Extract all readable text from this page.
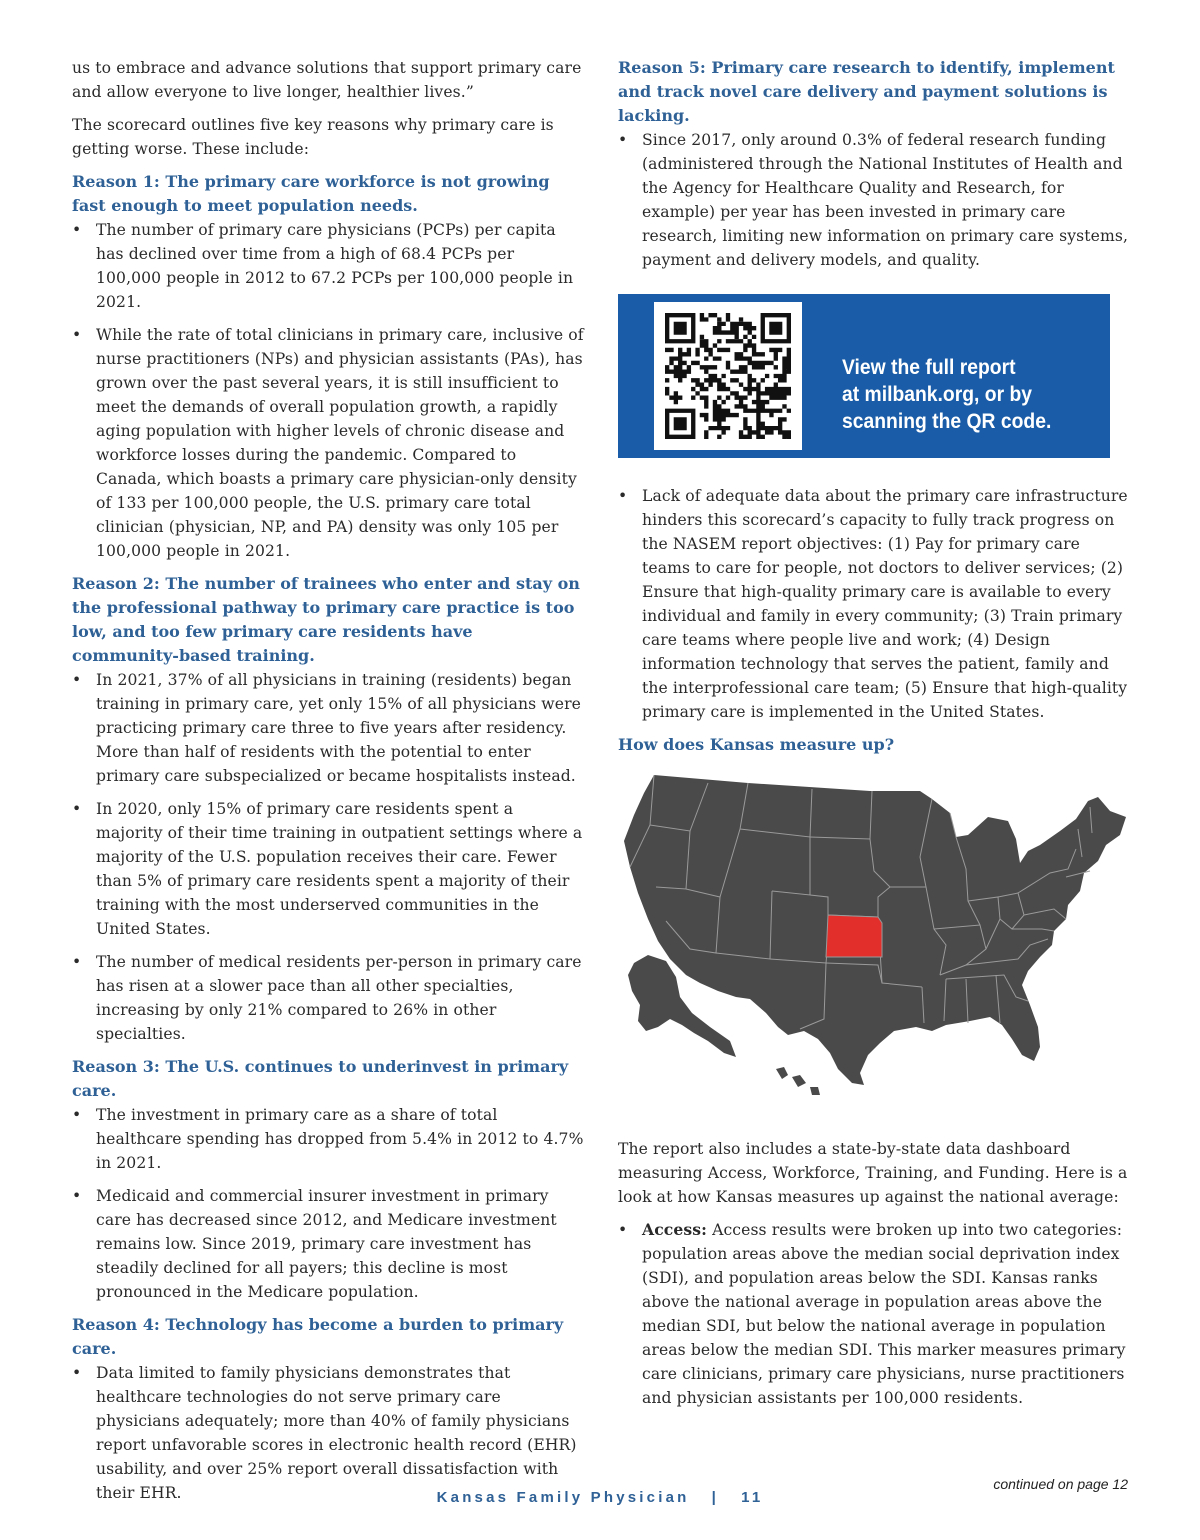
us to embrace and advance solutions that support primary care and allow everyone to live longer, healthier lives.”

The scorecard outlines five key reasons why primary care is getting worse. These include:

Reason 1: The primary care workforce is not growing fast enough to meet population needs.
• The number of primary care physicians (PCPs) per capita has declined over time from a high of 68.4 PCPs per 100,000 people in 2012 to 67.2 PCPs per 100,000 people in 2021.
• While the rate of total clinicians in primary care, inclusive of nurse practitioners (NPs) and physician assistants (PAs), has grown over the past several years, it is still insufficient to meet the demands of overall population growth, a rapidly aging population with higher levels of chronic disease and workforce losses during the pandemic. Compared to Canada, which boasts a primary care physician-only density of 133 per 100,000 people, the U.S. primary care total clinician (physician, NP, and PA) density was only 105 per 100,000 people in 2021.
Reason 2: The number of trainees who enter and stay on the professional pathway to primary care practice is too low, and too few primary care residents have community-based training.
• In 2021, 37% of all physicians in training (residents) began training in primary care, yet only 15% of all physicians were practicing primary care three to five years after residency. More than half of residents with the potential to enter primary care subspecialized or became hospitalists instead.
• In 2020, only 15% of primary care residents spent a majority of their time training in outpatient settings where a majority of the U.S. population receives their care. Fewer than 5% of primary care residents spent a majority of their training with the most underserved communities in the United States.
• The number of medical residents per-person in primary care has risen at a slower pace than all other specialties, increasing by only 21% compared to 26% in other specialties.
Reason 3: The U.S. continues to underinvest in primary care.
• The investment in primary care as a share of total healthcare spending has dropped from 5.4% in 2012 to 4.7% in 2021.
• Medicaid and commercial insurer investment in primary care has decreased since 2012, and Medicare investment remains low. Since 2019, primary care investment has steadily declined for all payers; this decline is most pronounced in the Medicare population.
Reason 4: Technology has become a burden to primary care.
• Data limited to family physicians demonstrates that healthcare technologies do not serve primary care physicians adequately; more than 40% of family physicians report unfavorable scores in electronic health record (EHR) usability, and over 25% report overall dissatisfaction with their EHR.
Reason 5: Primary care research to identify, implement and track novel care delivery and payment solutions is lacking.
• Since 2017, only around 0.3% of federal research funding (administered through the National Institutes of Health and the Agency for Healthcare Quality and Research, for example) per year has been invested in primary care research, limiting new information on primary care systems, payment and delivery models, and quality.
View the full report
at milbank.org, or by
scanning the QR code.
• Lack of adequate data about the primary care infrastructure hinders this scorecard’s capacity to fully track progress on the NASEM report objectives: (1) Pay for primary care teams to care for people, not doctors to deliver services; (2) Ensure that high-quality primary care is available to every individual and family in every community; (3) Train primary care teams where people live and work; (4) Design information technology that serves the patient, family and the interprofessional care team; (5) Ensure that high-quality primary care is implemented in the United States.
How does Kansas measure up?

The report also includes a state-by-state data dashboard measuring Access, Workforce, Training, and Funding. Here is a look at how Kansas measures up against the national average:

• Access: Access results were broken up into two categories: population areas above the median social deprivation index (SDI), and population areas below the SDI. Kansas ranks above the national average in population areas above the median SDI, but below the national average in population areas below the median SDI. This marker measures primary care clinicians, primary care physicians, nurse practitioners and physician assistants per 100,000 residents.
continued on page 12
Kansas Family Physician | 11
